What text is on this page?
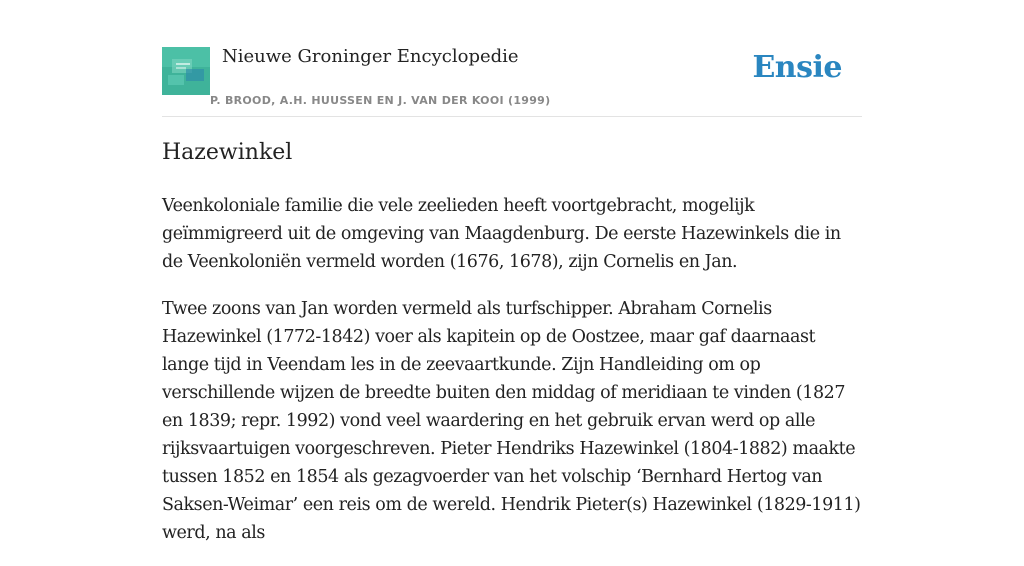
Nieuwe Groninger Encyclopedie
P. BROOD, A.H. HUUSSEN EN J. VAN DER KOOI (1999)
Ensie
Hazewinkel

Veenkoloniale familie die vele zeelieden heeft voortgebracht, mogelijk geïmmigreerd uit de omgeving van Maagdenburg. De eerste Hazewinkels die in de Veenkoloniën vermeld worden (1676, 1678), zijn Cornelis en Jan.

Twee zoons van Jan worden vermeld als turfschipper. Abraham Cornelis Hazewinkel (1772-1842) voer als kapitein op de Oostzee, maar gaf daarnaast lange tijd in Veendam les in de zeevaartkunde. Zijn Handleiding om op verschillende wijzen de breedte buiten den middag of meridiaan te vinden (1827 en 1839; repr. 1992) vond veel waardering en het gebruik ervan werd op alle rijksvaartuigen voorgeschreven. Pieter Hendriks Hazewinkel (1804-1882) maakte tussen 1852 en 1854 als gezagvoerder van het volschip ‘Bernhard Hertog van Saksen-Weimar’ een reis om de wereld. Hendrik Pieter(s) Hazewinkel (1829-1911) werd, na als
